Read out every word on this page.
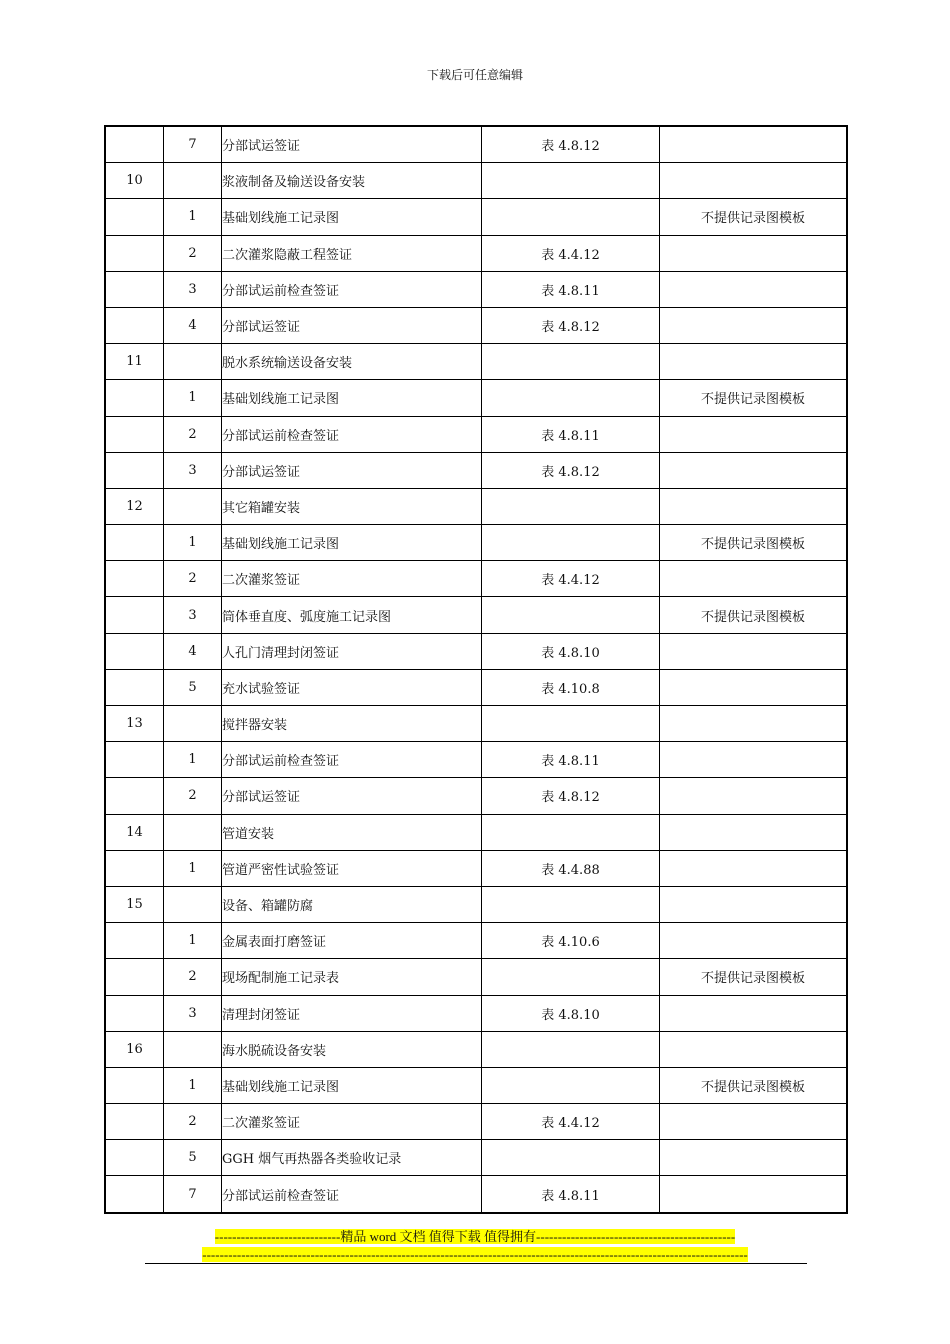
下载后可任意编辑
	7	分部试运签证	表 4.8.12	
10		浆液制备及输送设备安装		
	1	基础划线施工记录图		不提供记录图模板
	2	二次灌浆隐蔽工程签证	表 4.4.12	
	3	分部试运前检查签证	表 4.8.11	
	4	分部试运签证	表 4.8.12	
11		脱水系统输送设备安装		
	1	基础划线施工记录图		不提供记录图模板
	2	分部试运前检查签证	表 4.8.11	
	3	分部试运签证	表 4.8.12	
12		其它箱罐安装		
	1	基础划线施工记录图		不提供记录图模板
	2	二次灌浆签证	表 4.4.12	
	3	筒体垂直度、弧度施工记录图		不提供记录图模板
	4	人孔门清理封闭签证	表 4.8.10	
	5	充水试验签证	表 4.10.8	
13		搅拌器安装		
	1	分部试运前检查签证	表 4.8.11	
	2	分部试运签证	表 4.8.12	
14		管道安装		
	1	管道严密性试验签证	表 4.4.88	
15		设备、箱罐防腐		
	1	金属表面打磨签证	表 4.10.6	
	2	现场配制施工记录表		不提供记录图模板
	3	清理封闭签证	表 4.8.10	
16		海水脱硫设备安装		
	1	基础划线施工记录图		不提供记录图模板
	2	二次灌浆签证	表 4.4.12	
	5	GGH 烟气再热器各类验收记录		
	7	分部试运前检查签证	表 4.8.11	
-----------------------------精品 word 文档 值得下载 值得拥有----------------------------------------------
------------------------------------------------------------------------------------------------------------------------------
